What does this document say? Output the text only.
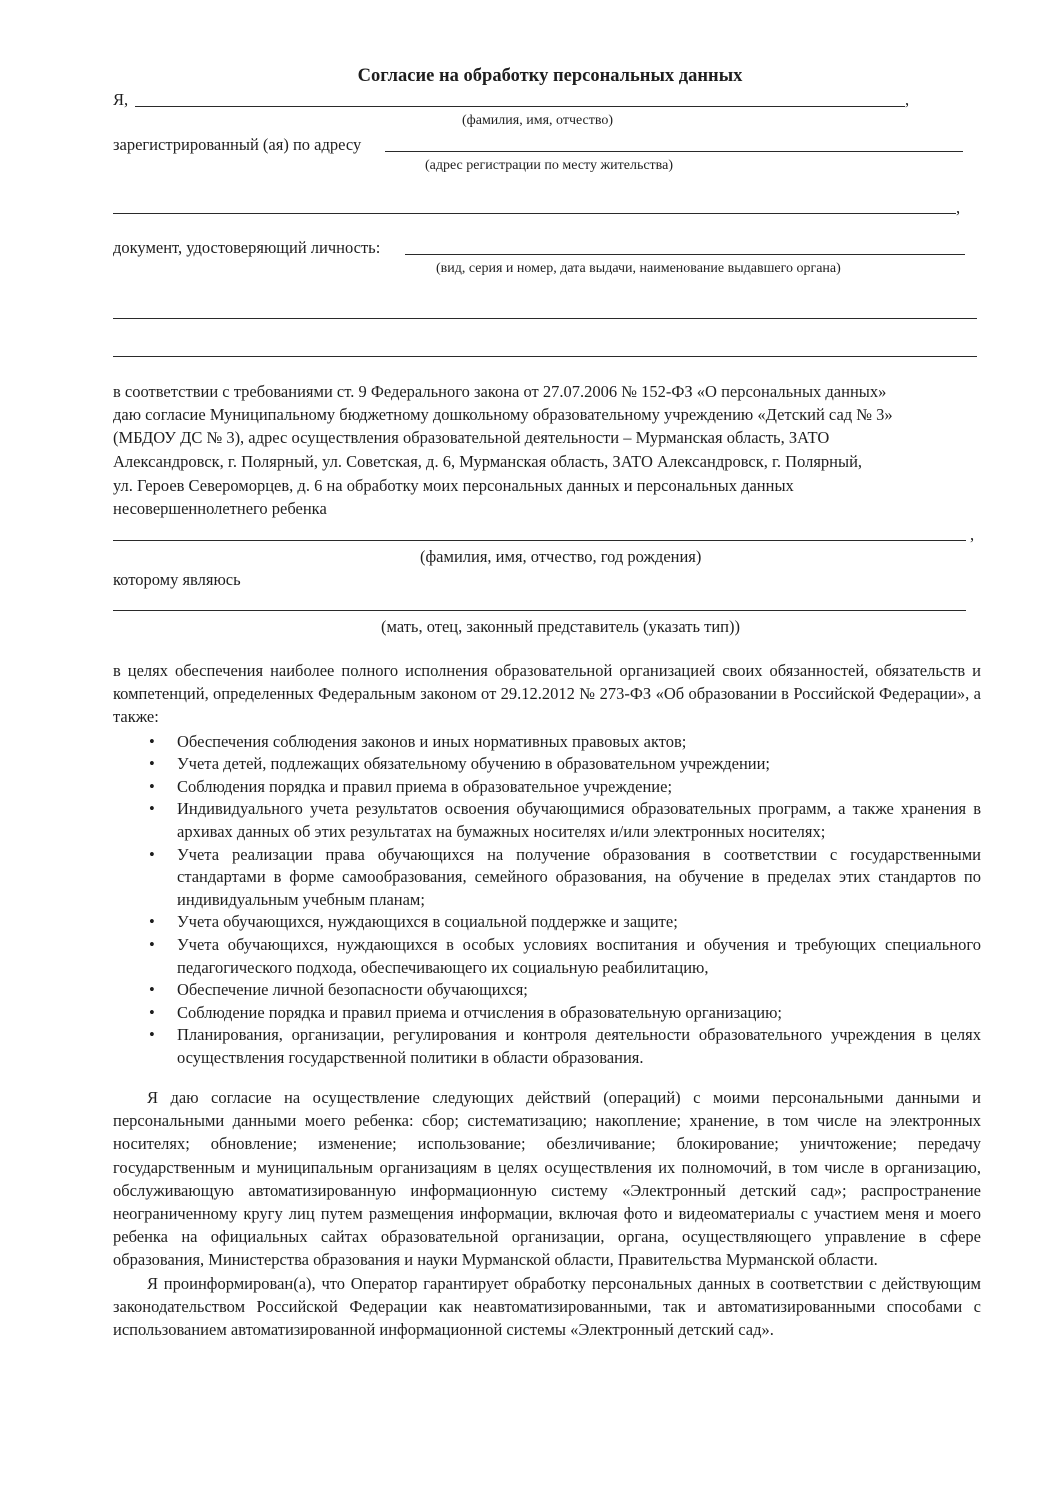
Согласие на обработку персональных данных
Я,	,
(фамилия, имя, отчество)
зарегистрированный (ая) по адресу
(адрес регистрации по месту жительства)
,
документ, удостоверяющий личность:
(вид, серия и номер, дата выдачи, наименование выдавшего органа)
в соответствии с требованиями ст. 9 Федерального закона от 27.07.2006 № 152-ФЗ «О персональных данных»
даю согласие Муниципальному бюджетному дошкольному образовательному учреждению «Детский сад № 3»
(МБДОУ ДС № 3), адрес осуществления образовательной деятельности – Мурманская область, ЗАТО
Александровск, г. Полярный, ул. Советская, д. 6, Мурманская область, ЗАТО Александровск, г. Полярный,
ул. Героев Североморцев, д. 6 на обработку моих персональных данных и персональных данных
несовершеннолетнего ребенка
,
(фамилия, имя, отчество, год рождения)
которому являюсь
(мать, отец, законный представитель (указать тип))

в целях обеспечения наиболее полного исполнения образовательной организацией своих обязанностей, обязательств и компетенций, определенных Федеральным законом от 29.12.2012 № 273-ФЗ «Об образовании в Российской Федерации», а также:

• Обеспечения соблюдения законов и иных нормативных правовых актов;
• Учета детей, подлежащих обязательному обучению в образовательном учреждении;
• Соблюдения порядка и правил приема в образовательное учреждение;
• Индивидуального учета результатов освоения обучающимися образовательных программ, а также хранения в архивах данных об этих результатах на бумажных носителях и/или электронных носителях;
• Учета реализации права обучающихся на получение образования в соответствии с государственными стандартами в форме самообразования, семейного образования, на обучение в пределах этих стандартов по индивидуальным учебным планам;
• Учета обучающихся, нуждающихся в социальной поддержке и защите;
• Учета обучающихся, нуждающихся в особых условиях воспитания и обучения и требующих специального педагогического подхода, обеспечивающего их социальную реабилитацию,
• Обеспечение личной безопасности обучающихся;
• Соблюдение порядка и правил приема и отчисления в образовательную организацию;
• Планирования, организации, регулирования и контроля деятельности образовательного учреждения в целях осуществления государственной политики в области образования.

Я даю согласие на осуществление следующих действий (операций) с моими персональными данными и персональными данными моего ребенка: сбор; систематизацию; накопление; хранение, в том числе на электронных носителях; обновление; изменение; использование; обезличивание; блокирование; уничтожение; передачу государственным и муниципальным организациям в целях осуществления их полномочий, в том числе в организацию, обслуживающую автоматизированную информационную систему «Электронный детский сад»; распространение неограниченному кругу лиц путем размещения информации, включая фото и видеоматериалы с участием меня и моего ребенка на официальных сайтах образовательной организации, органа, осуществляющего управление в сфере образования, Министерства образования и науки Мурманской области, Правительства Мурманской области.

Я проинформирован(а), что Оператор гарантирует обработку персональных данных в соответствии с действующим законодательством Российской Федерации как неавтоматизированными, так и автоматизированными способами с использованием автоматизированной информационной системы «Электронный детский сад».
